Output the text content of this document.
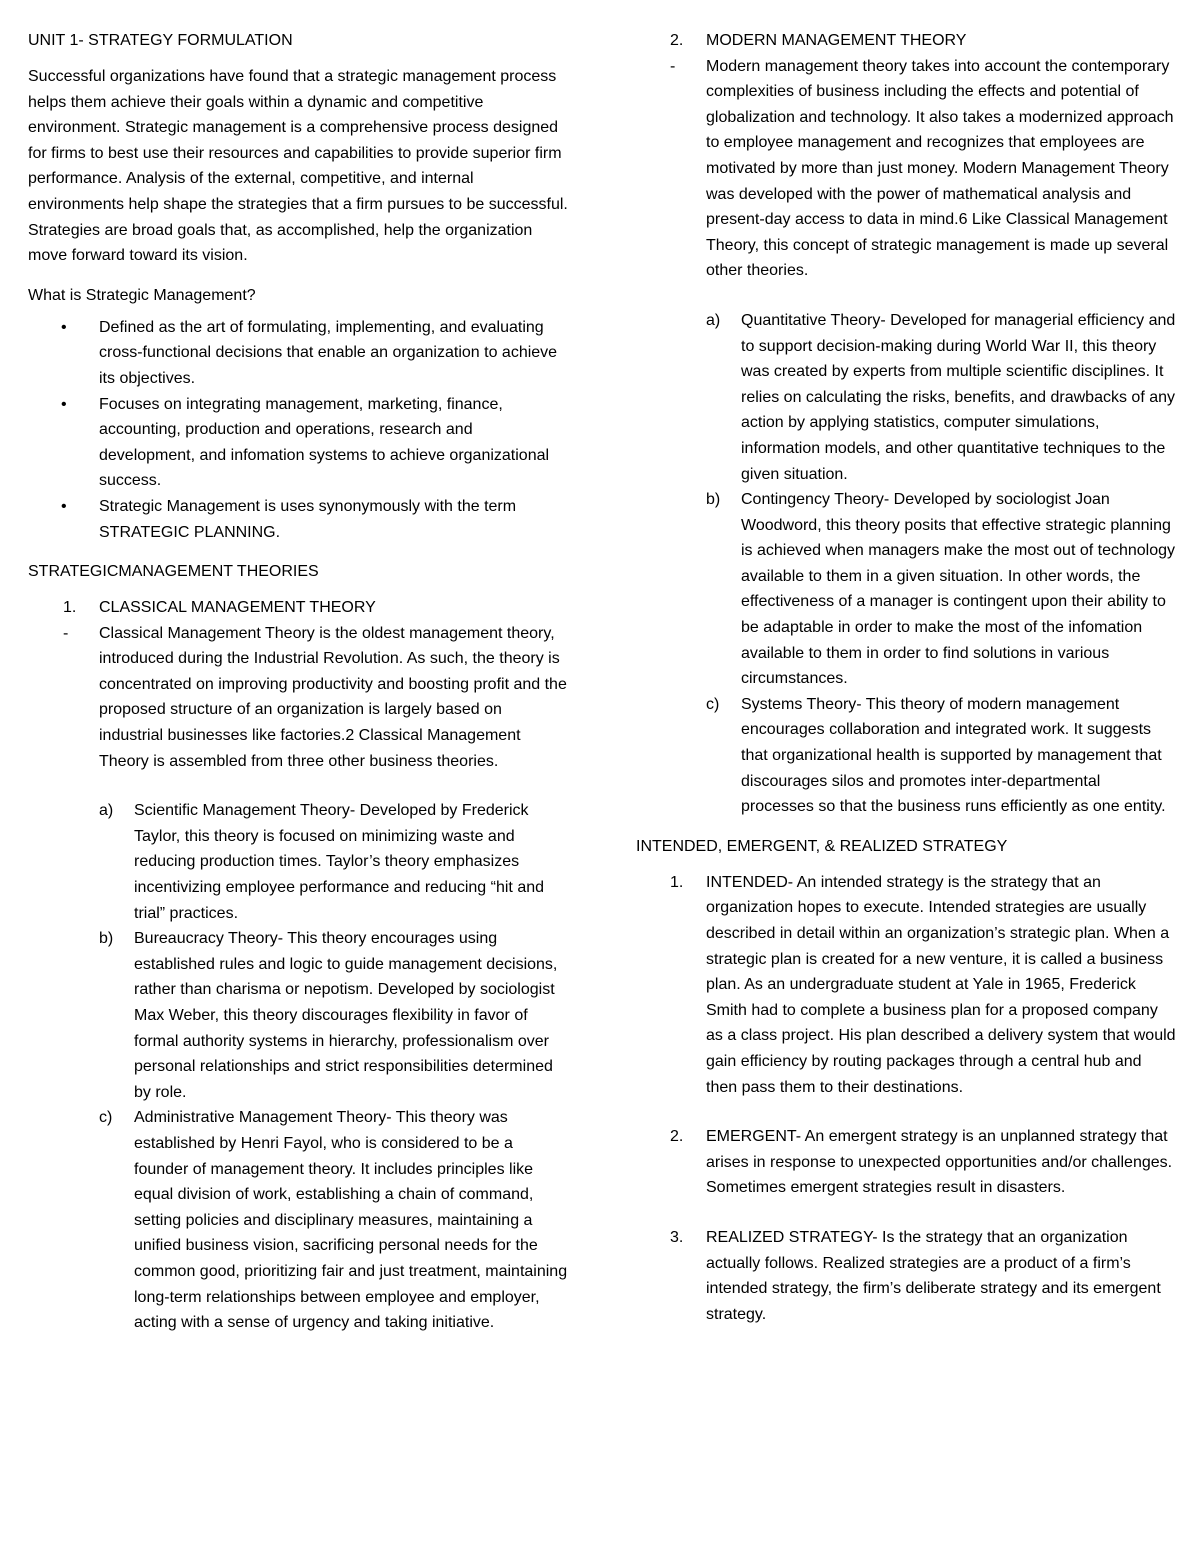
UNIT 1- STRATEGY FORMULATION

Successful organizations have found that a strategic management process helps them achieve their goals within a dynamic and competitive environment. Strategic management is a comprehensive process designed for firms to best use their resources and capabilities to provide superior firm performance. Analysis of the external, competitive, and internal environments help shape the strategies that a firm pursues to be successful. Strategies are broad goals that, as accomplished, help the organization move forward toward its vision.

What is Strategic Management?
• Defined as the art of formulating, implementing, and evaluating cross-functional decisions that enable an organization to achieve its objectives.
• Focuses on integrating management, marketing, finance, accounting, production and operations, research and development, and infomation systems to achieve organizational success.
• Strategic Management is uses synonymously with the term STRATEGIC PLANNING.
STRATEGICMANAGEMENT THEORIES
1. CLASSICAL MANAGEMENT THEORY
- Classical Management Theory is the oldest management theory, introduced during the Industrial Revolution. As such, the theory is concentrated on improving productivity and boosting profit and the proposed structure of an organization is largely based on industrial businesses like factories.2 Classical Management Theory is assembled from three other business theories.
a) Scientific Management Theory- Developed by Frederick Taylor, this theory is focused on minimizing waste and reducing production times. Taylor’s theory emphasizes incentivizing employee performance and reducing “hit and trial” practices.
b) Bureaucracy Theory- This theory encourages using established rules and logic to guide management decisions, rather than charisma or nepotism. Developed by sociologist Max Weber, this theory discourages flexibility in favor of formal authority systems in hierarchy, professionalism over personal relationships and strict responsibilities determined by role.
c) Administrative Management Theory- This theory was established by Henri Fayol, who is considered to be a founder of management theory. It includes principles like equal division of work, establishing a chain of command, setting policies and disciplinary measures, maintaining a unified business vision, sacrificing personal needs for the common good, prioritizing fair and just treatment, maintaining long-term relationships between employee and employer, acting with a sense of urgency and taking initiative.
2. MODERN MANAGEMENT THEORY
- Modern management theory takes into account the contemporary complexities of business including the effects and potential of globalization and technology. It also takes a modernized approach to employee management and recognizes that employees are motivated by more than just money. Modern Management Theory was developed with the power of mathematical analysis and present-day access to data in mind.6 Like Classical Management Theory, this concept of strategic management is made up several other theories.
a) Quantitative Theory- Developed for managerial efficiency and to support decision-making during World War II, this theory was created by experts from multiple scientific disciplines. It relies on calculating the risks, benefits, and drawbacks of any action by applying statistics, computer simulations, information models, and other quantitative techniques to the given situation.
b) Contingency Theory- Developed by sociologist Joan Woodword, this theory posits that effective strategic planning is achieved when managers make the most out of technology available to them in a given situation. In other words, the effectiveness of a manager is contingent upon their ability to be adaptable in order to make the most of the infomation available to them in order to find solutions in various circumstances.
c) Systems Theory- This theory of modern management encourages collaboration and integrated work. It suggests that organizational health is supported by management that discourages silos and promotes inter-departmental processes so that the business runs efficiently as one entity.
INTENDED, EMERGENT, & REALIZED STRATEGY
1. INTENDED- An intended strategy is the strategy that an organization hopes to execute. Intended strategies are usually described in detail within an organization’s strategic plan. When a strategic plan is created for a new venture, it is called a business plan. As an undergraduate student at Yale in 1965, Frederick Smith had to complete a business plan for a proposed company as a class project. His plan described a delivery system that would gain efficiency by routing packages through a central hub and then pass them to their destinations.
2. EMERGENT- An emergent strategy is an unplanned strategy that arises in response to unexpected opportunities and/or challenges. Sometimes emergent strategies result in disasters.
3. REALIZED STRATEGY- Is the strategy that an organization actually follows. Realized strategies are a product of a firm’s intended strategy, the firm’s deliberate strategy and its emergent strategy.
